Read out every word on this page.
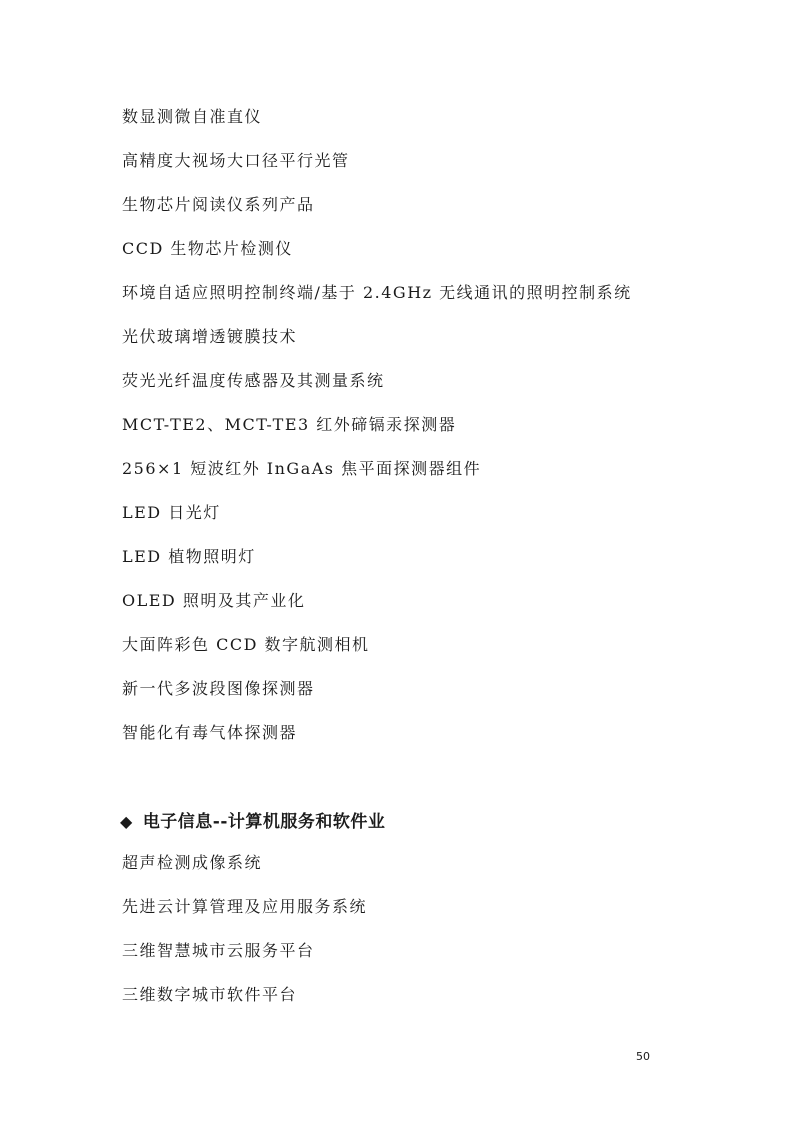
数显测微自准直仪
高精度大视场大口径平行光管
生物芯片阅读仪系列产品
CCD 生物芯片检测仪
环境自适应照明控制终端/基于 2.4GHz 无线通讯的照明控制系统
光伏玻璃增透镀膜技术
荧光光纤温度传感器及其测量系统
MCT-TE2、MCT-TE3 红外碲镉汞探测器
256×1 短波红外 InGaAs 焦平面探测器组件
LED 日光灯
LED 植物照明灯
OLED 照明及其产业化
大面阵彩色 CCD 数字航测相机
新一代多波段图像探测器
智能化有毒气体探测器
◆ 电子信息--计算机服务和软件业
超声检测成像系统
先进云计算管理及应用服务系统
三维智慧城市云服务平台
三维数字城市软件平台
50
